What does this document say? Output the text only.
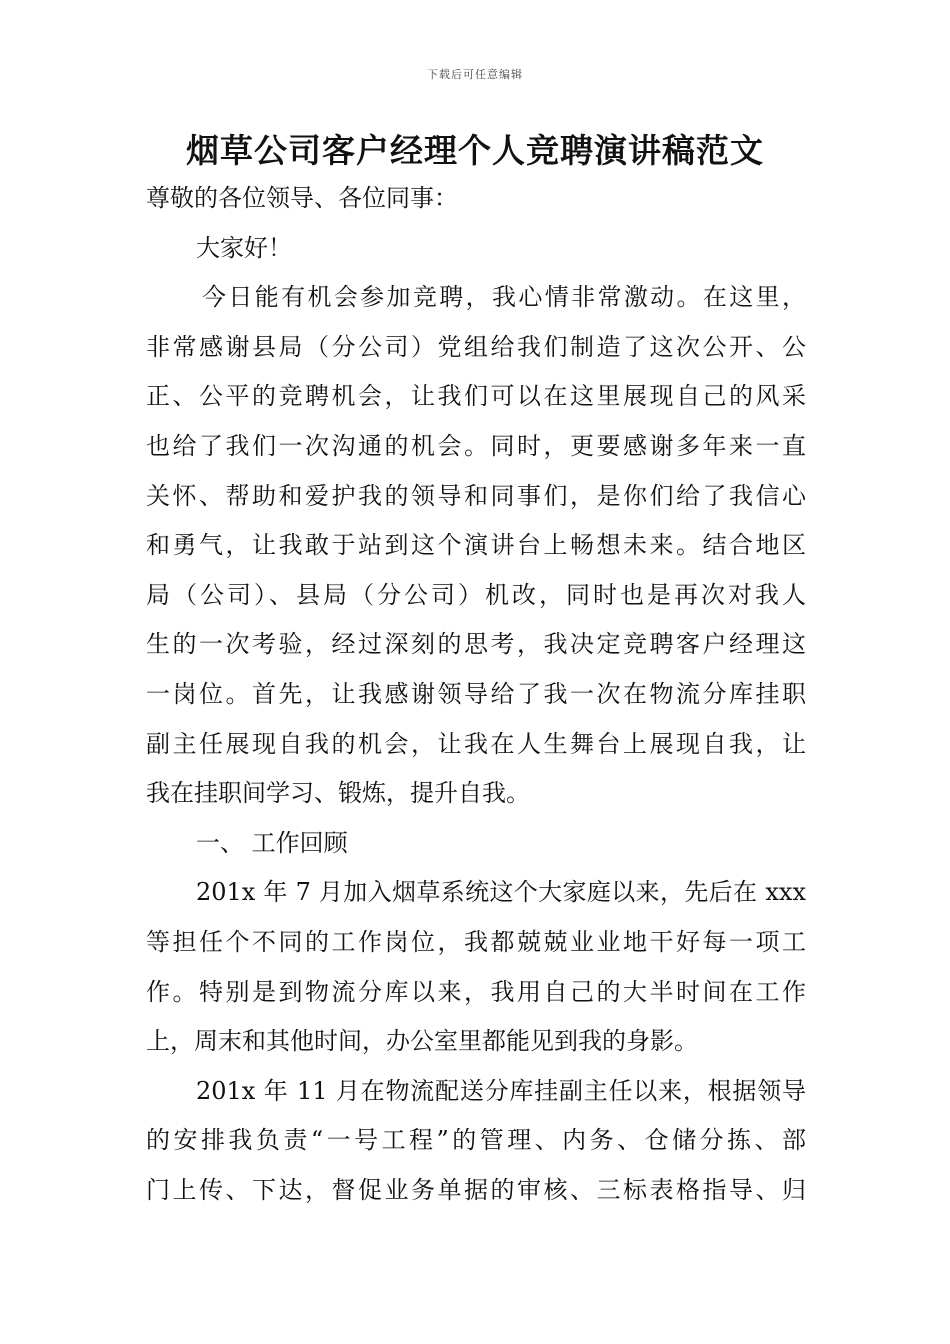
下载后可任意编辑
烟草公司客户经理个人竞聘演讲稿范文
尊敬的各位领导、各位同事：
大家好！
今日能有机会参加竞聘，我心情非常激动。在这里，
非常感谢县局（分公司）党组给我们制造了这次公开、公
正、公平的竞聘机会，让我们可以在这里展现自己的风采
也给了我们一次沟通的机会。同时，更要感谢多年来一直
关怀、帮助和爱护我的领导和同事们，是你们给了我信心
和勇气，让我敢于站到这个演讲台上畅想未来。结合地区
局（公司）、县局（分公司）机改，同时也是再次对我人
生的一次考验，经过深刻的思考，我决定竞聘客户经理这
一岗位。首先，让我感谢领导给了我一次在物流分库挂职
副主任展现自我的机会，让我在人生舞台上展现自我，让
我在挂职间学习、锻炼，提升自我。
一、 工作回顾
201x 年 7 月加入烟草系统这个大家庭以来，先后在 xxx
等担任个不同的工作岗位，我都兢兢业业地干好每一项工
作。特别是到物流分库以来，我用自己的大半时间在工作
上，周末和其他时间，办公室里都能见到我的身影。
201x 年 11 月在物流配送分库挂副主任以来，根据领导
的安排我负责“一号工程”的管理、内务、仓储分拣、部
门上传、下达，督促业务单据的审核、三标表格指导、归
